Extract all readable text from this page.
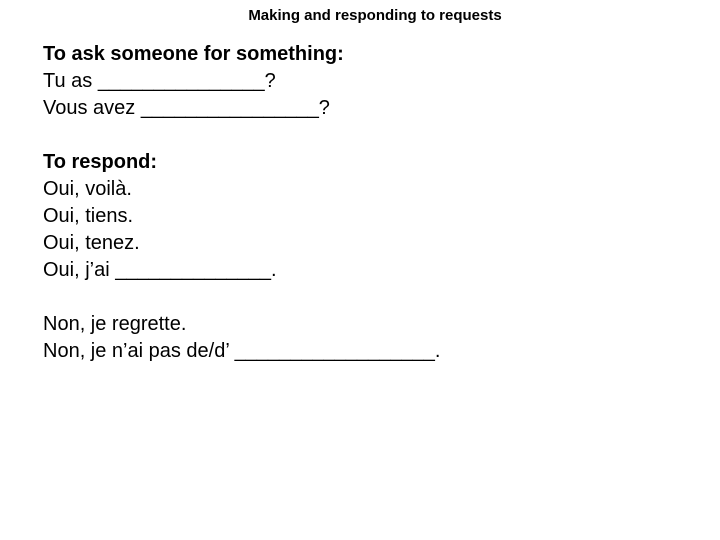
Making and responding to requests
To ask someone for something:
Tu as _______________?
Vous avez ________________?
To respond:
Oui, voilà.
Oui, tiens.
Oui, tenez.
Oui, j’ai ______________.
Non, je regrette.
Non, je n’ai pas de/d’ __________________.
